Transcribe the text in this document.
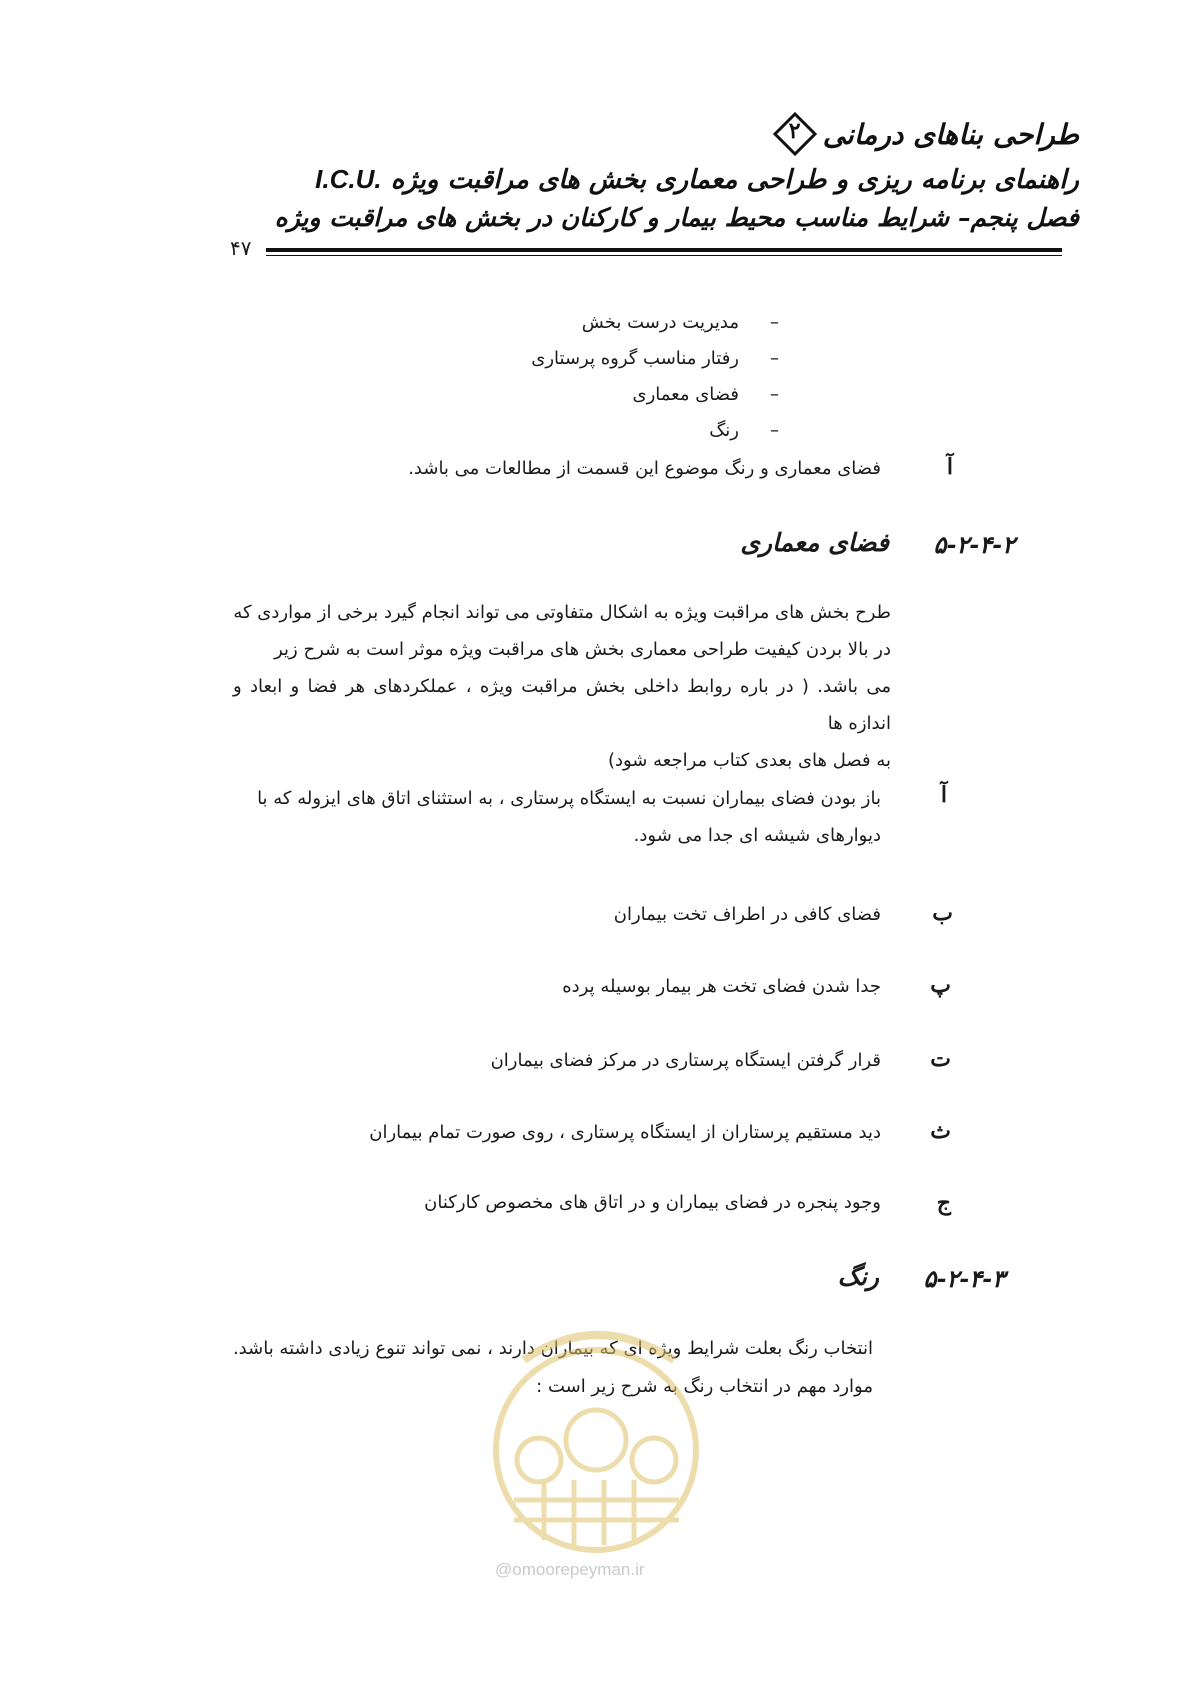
طراحی بناهای درمانی
۲
راهنمای برنامه ریزی و طراحی معماری بخش های مراقبت ویژه I.C.U.
فصل پنجم– شرایط مناسب محیط بیمار و کارکنان در بخش های مراقبت ویژه
۴۷
–
مدیریت درست بخش
–
رفتار مناسب گروه پرستاری
–
فضای معماری
–
رنگ
آ
فضای معماری و رنگ موضوع این قسمت از مطالعات می باشد.
۵-۲-۴-۲
فضای معماری
طرح بخش های مراقبت ویژه به اشکال متفاوتی می تواند انجام گیرد برخی از مواردی که
در بالا بردن کیفیت طراحی معماری بخش های مراقبت ویژه موثر است به شرح زیر
می باشد. ( در باره روابط داخلی بخش مراقبت ویژه ، عملکردهای هر فضا و ابعاد و اندازه ها
به فصل های بعدی کتاب مراجعه شود)
آ
باز بودن فضای بیماران نسبت به ایستگاه پرستاری ، به استثنای اتاق های ایزوله که با
دیوارهای شیشه ای جدا می شود.
ب
فضای کافی در اطراف تخت بیماران
پ
جدا شدن فضای تخت هر بیمار بوسیله پرده
ت
قرار گرفتن ایستگاه پرستاری در مرکز فضای بیماران
ث
دید مستقیم پرستاران از ایستگاه پرستاری ، روی صورت تمام بیماران
ج
وجود پنجره در فضای بیماران و در اتاق های مخصوص کارکنان
۵-۲-۴-۳
رنگ
انتخاب رنگ بعلت شرایط ویژه ای که بیماران دارند ، نمی تواند تنوع زیادی داشته باشد.
موارد مهم در انتخاب رنگ به شرح زیر است :
@omoorepeyman.ir
